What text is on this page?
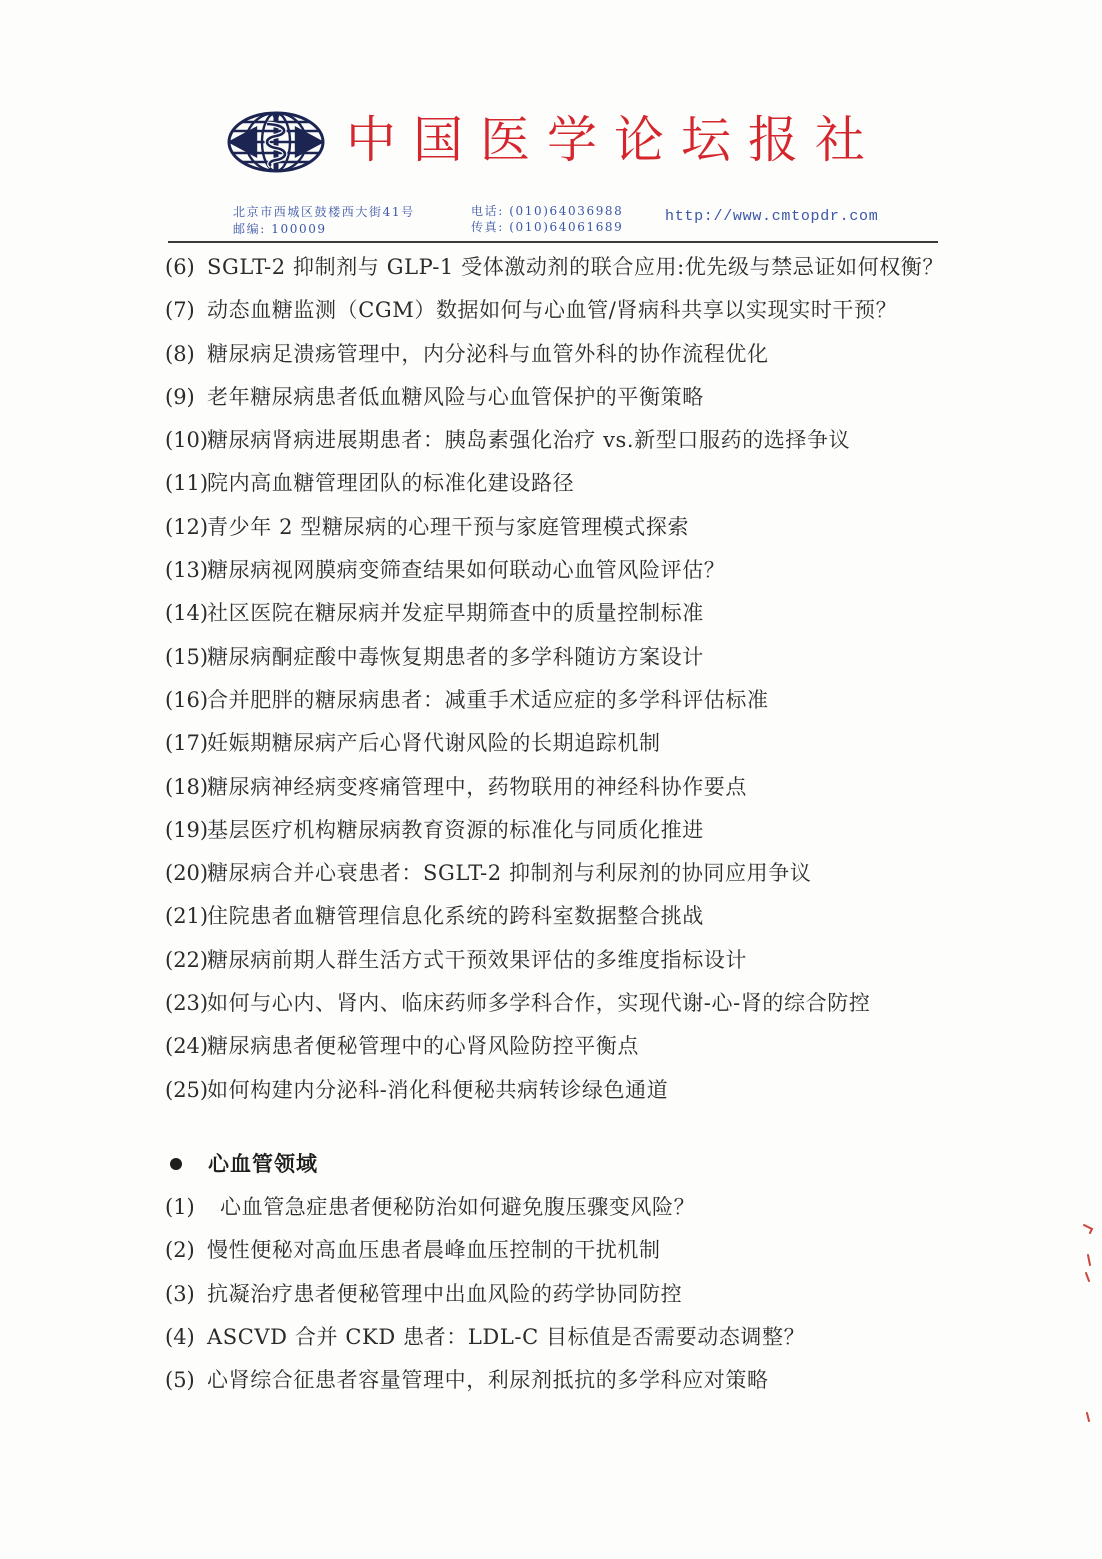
中国医学论坛报社
北京市西城区鼓楼西大街41号
邮编: 100009
电话: (010)64036988
传真: (010)64061689
http://www.cmtopdr.com
(6) SGLT-2 抑制剂与 GLP-1 受体激动剂的联合应用:优先级与禁忌证如何权衡？
(7) 动态血糖监测（CGM）数据如何与心血管/肾病科共享以实现实时干预？
(8) 糖尿病足溃疡管理中，内分泌科与血管外科的协作流程优化
(9) 老年糖尿病患者低血糖风险与心血管保护的平衡策略
(10)糖尿病肾病进展期患者：胰岛素强化治疗 vs.新型口服药的选择争议
(11)院内高血糖管理团队的标准化建设路径
(12)青少年 2 型糖尿病的心理干预与家庭管理模式探索
(13)糖尿病视网膜病变筛查结果如何联动心血管风险评估？
(14)社区医院在糖尿病并发症早期筛查中的质量控制标准
(15)糖尿病酮症酸中毒恢复期患者的多学科随访方案设计
(16)合并肥胖的糖尿病患者：减重手术适应症的多学科评估标准
(17)妊娠期糖尿病产后心肾代谢风险的长期追踪机制
(18)糖尿病神经病变疼痛管理中，药物联用的神经科协作要点
(19)基层医疗机构糖尿病教育资源的标准化与同质化推进
(20)糖尿病合并心衰患者：SGLT-2 抑制剂与利尿剂的协同应用争议
(21)住院患者血糖管理信息化系统的跨科室数据整合挑战
(22)糖尿病前期人群生活方式干预效果评估的多维度指标设计
(23)如何与心内、肾内、临床药师多学科合作，实现代谢-心-肾的综合防控
(24)糖尿病患者便秘管理中的心肾风险防控平衡点
(25)如何构建内分泌科-消化科便秘共病转诊绿色通道
心血管领域
(1) 心血管急症患者便秘防治如何避免腹压骤变风险？
(2) 慢性便秘对高血压患者晨峰血压控制的干扰机制
(3) 抗凝治疗患者便秘管理中出血风险的药学协同防控
(4) ASCVD 合并 CKD 患者：LDL-C 目标值是否需要动态调整？
(5) 心肾综合征患者容量管理中，利尿剂抵抗的多学科应对策略
